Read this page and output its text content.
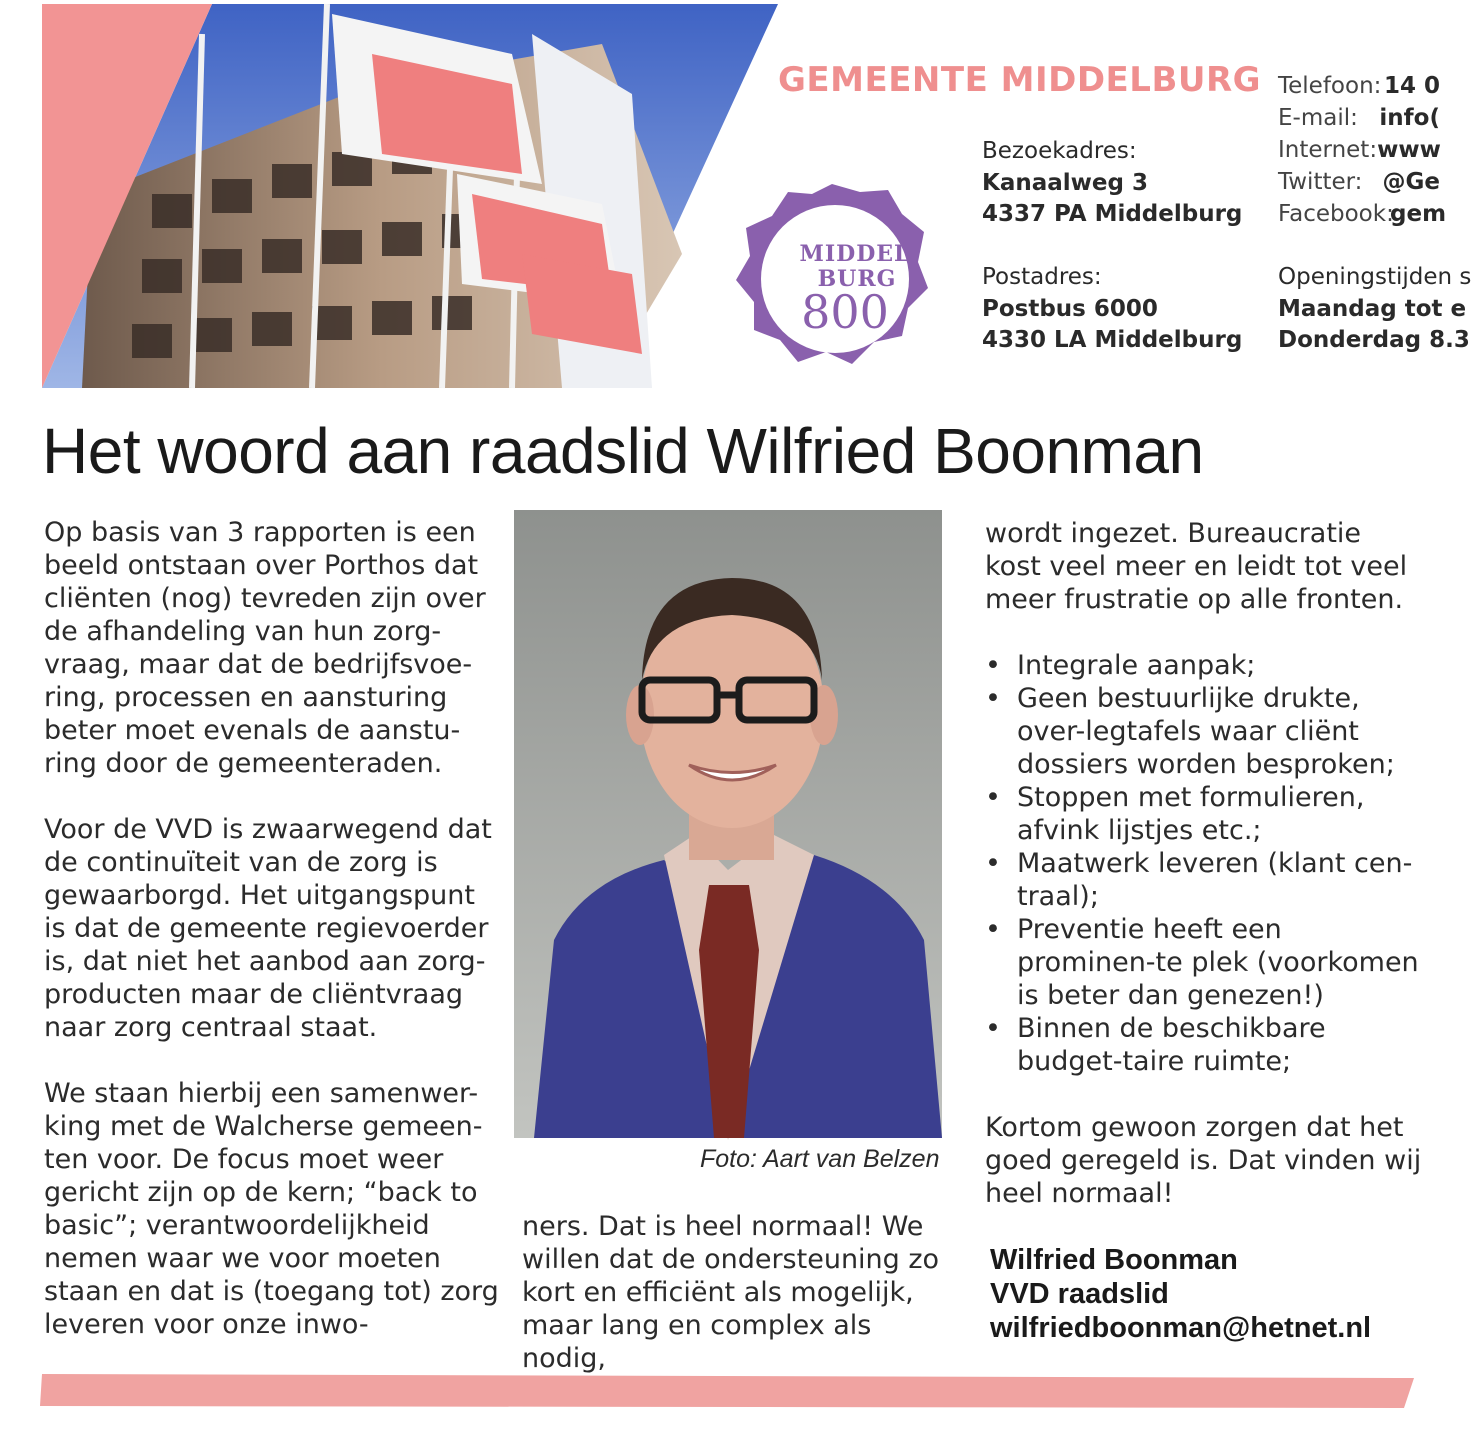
GEMEENTE MIDDELBURG
Bezoekadres:
Kanaalweg 3
4337 PA Middelburg
Postadres:
Postbus 6000
4330 LA Middelburg
Telefoon: 14 0
E-mail: info(
Internet: www
Twitter: @Ge
Facebook:
gem
Openingstijden s
Maandag tot e
Donderdag 8.3
MIDDEL
BURG
800
Het woord aan raadslid Wilfried Boonman

Op basis van 3 rapporten is een beeld ontstaan over Porthos dat cliënten (nog) tevreden zijn over de afhandeling van hun zorg-vraag, maar dat de bedrijfsvoe-ring, processen en aansturing beter moet evenals de aanstu-ring door de gemeenteraden.

Voor de VVD is zwaarwegend dat de continuïteit van de zorg is gewaarborgd. Het uitgangspunt is dat de gemeente regievoerder is, dat niet het aanbod aan zorg-producten maar de cliëntvraag naar zorg centraal staat.

We staan hierbij een samenwer-king met de Walcherse gemeen-ten voor. De focus moet weer gericht zijn op de kern; “back to basic”; verantwoordelijkheid nemen waar we voor moeten staan en dat is (toegang tot) zorg leveren voor onze inwo-

Foto: Aart van Belzen

ners. Dat is heel normaal! We willen dat de ondersteuning zo kort en efficiënt als mogelijk, maar lang en complex als nodig,

wordt ingezet. Bureaucratie kost veel meer en leidt tot veel meer frustratie op alle fronten.

• Integrale aanpak;
• Geen bestuurlijke drukte, over-legtafels waar cliënt dossiers worden besproken;
• Stoppen met formulieren, afvink lijstjes etc.;
• Maatwerk leveren (klant cen-traal);
• Preventie heeft een prominen-te plek (voorkomen is beter dan genezen!)
• Binnen de beschikbare budget-taire ruimte;

Kortom gewoon zorgen dat het goed geregeld is. Dat vinden wij heel normaal!

Wilfried Boonman
VVD raadslid
wilfriedboonman@hetnet.nl
